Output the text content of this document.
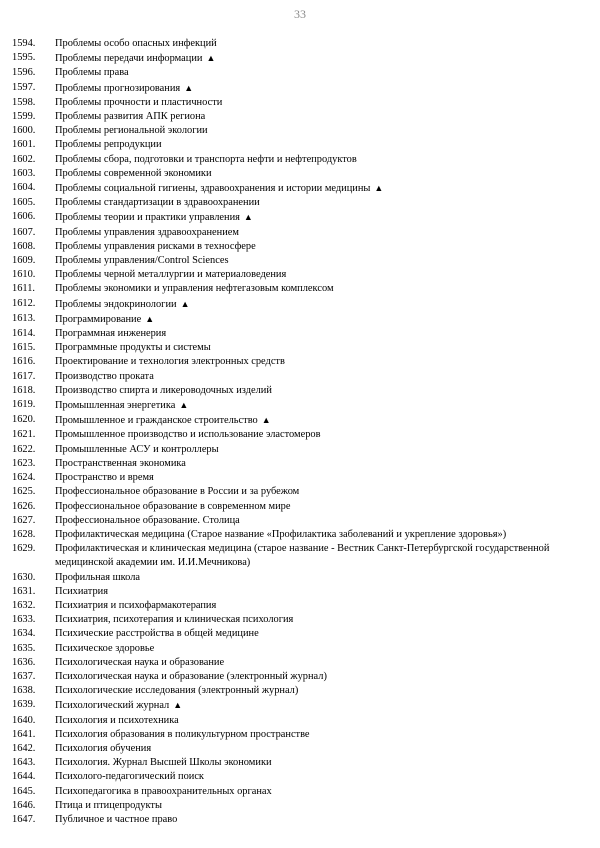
33
1594.	Проблемы особо опасных инфекций
1595.	Проблемы передачи информации ▲
1596.	Проблемы права
1597.	Проблемы прогнозирования ▲
1598.	Проблемы прочности и пластичности
1599.	Проблемы развития АПК региона
1600.	Проблемы региональной экологии
1601.	Проблемы репродукции
1602.	Проблемы сбора, подготовки и транспорта нефти и нефтепродуктов
1603.	Проблемы современной экономики
1604.	Проблемы социальной гигиены, здравоохранения и истории медицины ▲
1605.	Проблемы стандартизации в здравоохранении
1606.	Проблемы теории и практики управления ▲
1607.	Проблемы управления здравоохранением
1608.	Проблемы управления рисками в техносфере
1609.	Проблемы управления/Control Sciences
1610.	Проблемы черной металлургии и материаловедения
1611.	Проблемы экономики и управления нефтегазовым комплексом
1612.	Проблемы эндокринологии ▲
1613.	Программирование ▲
1614.	Программная инженерия
1615.	Программные продукты и системы
1616.	Проектирование и технология электронных средств
1617.	Производство проката
1618.	Производство спирта и ликероводочных изделий
1619.	Промышленная энергетика ▲
1620.	Промышленное и гражданское строительство ▲
1621.	Промышленное производство и использование эластомеров
1622.	Промышленные АСУ и контроллеры
1623.	Пространственная экономика
1624.	Пространство и время
1625.	Профессиональное образование в России и за рубежом
1626.	Профессиональное образование в современном мире
1627.	Профессиональное образование. Столица
1628.	Профилактическая медицина (Старое название «Профилактика заболеваний и укрепление здоровья»)
1629.	Профилактическая и клиническая медицина (старое название - Вестник Санкт-Петербургской государственной медицинской академии им. И.И.Мечникова)
1630.	Профильная школа
1631.	Психиатрия
1632.	Психиатрия и психофармакотерапия
1633.	Психиатрия, психотерапия и клиническая психология
1634.	Психические расстройства в общей медицине
1635.	Психическое здоровье
1636.	Психологическая наука и образование
1637.	Психологическая наука и образование (электронный журнал)
1638.	Психологические исследования (электронный журнал)
1639.	Психологический журнал ▲
1640.	Психология и психотехника
1641.	Психология образования в поликультурном пространстве
1642.	Психология обучения
1643.	Психология. Журнал Высшей Школы экономики
1644.	Психолого-педагогический поиск
1645.	Психопедагогика в правоохранительных органах
1646.	Птица и птицепродукты
1647.	Публичное и частное право
